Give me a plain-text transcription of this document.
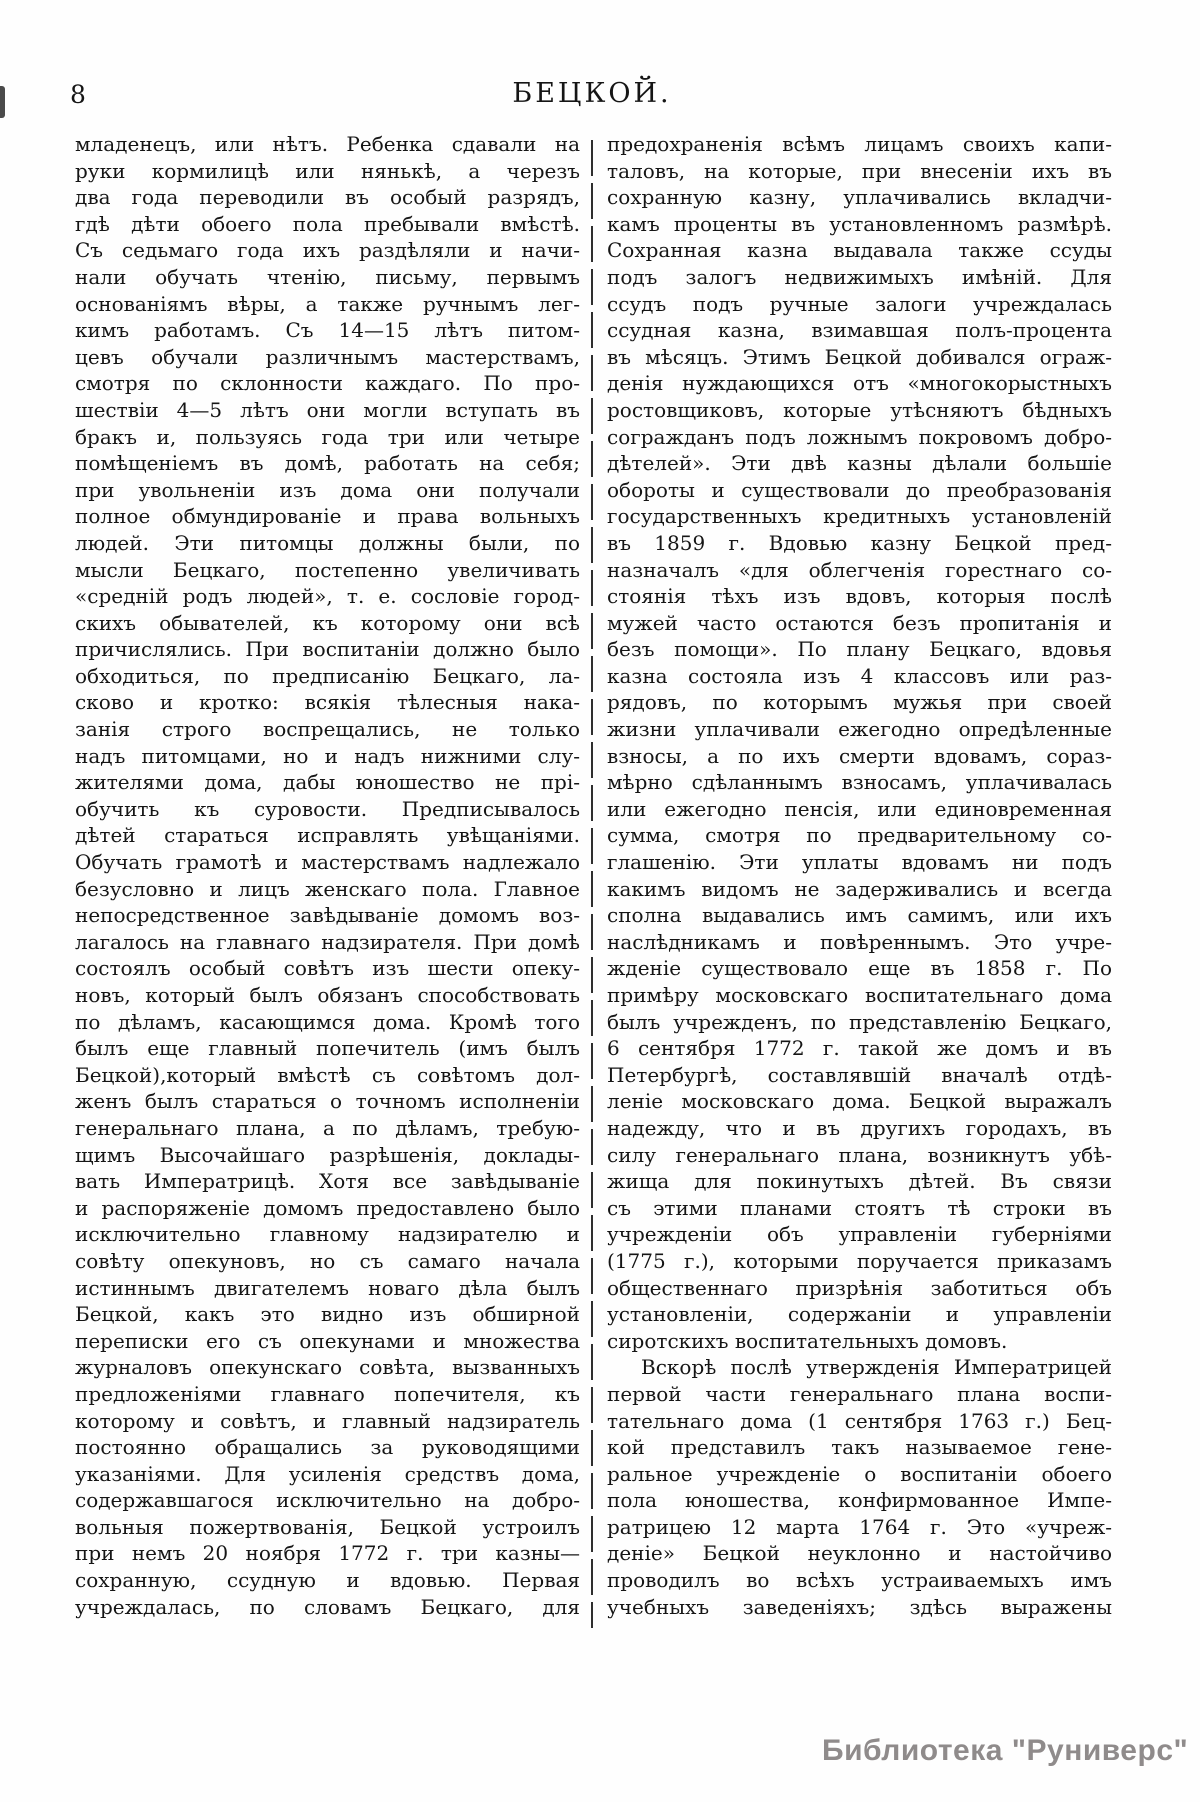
8	БЕЦКОЙ.
младенецъ, или нѣтъ. Ребенка сдавали на
руки кормилицѣ или нянькѣ, а черезъ
два года переводили въ особый разрядъ,
гдѣ дѣти обоего пола пребывали вмѣстѣ.
Съ седьмаго года ихъ раздѣляли и начи-
нали обучать чтенію, письму, первымъ
основаніямъ вѣры, а также ручнымъ лег-
кимъ работамъ. Съ 14—15 лѣтъ питом-
цевъ обучали различнымъ мастерствамъ,
смотря по склонности каждаго. По про-
шествіи 4—5 лѣтъ они могли вступать въ
бракъ и, пользуясь года три или четыре
помѣщеніемъ въ домѣ, работать на себя;
при увольненіи изъ дома они получали
полное обмундированіе и права вольныхъ
людей. Эти питомцы должны были, по
мысли Бецкаго, постепенно увеличивать
«средній родъ людей», т. е. сословіе город-
скихъ обывателей, къ которому они всѣ
причислялись. При воспитаніи должно было
обходиться, по предписанію Бецкаго, ла-
сково и кротко: всякія тѣлесныя нака-
занія строго воспрещались, не только
надъ питомцами, но и надъ нижними слу-
жителями дома, дабы юношество не прі-
обучить къ суровости. Предписывалось
дѣтей стараться исправлять увѣщаніями.
Обучать грамотѣ и мастерствамъ надлежало
безусловно и лицъ женскаго пола. Главное
непосредственное завѣдываніе домомъ воз-
лагалось на главнаго надзирателя. При домѣ
состоялъ особый совѣтъ изъ шести опеку-
новъ, который былъ обязанъ способствовать
по дѣламъ, касающимся дома. Кромѣ того
былъ еще главный попечитель (имъ былъ
Бецкой),который вмѣстѣ съ совѣтомъ дол-
женъ былъ стараться о точномъ исполненіи
генеральнаго плана, а по дѣламъ, требую-
щимъ Высочайшаго разрѣшенія, доклады-
вать Императрицѣ. Хотя все завѣдываніе
и распоряженіе домомъ предоставлено было
исключительно главному надзирателю и
совѣту опекуновъ, но съ самаго начала
истиннымъ двигателемъ новаго дѣла былъ
Бецкой, какъ это видно изъ обширной
переписки его съ опекунами и множества
журналовъ опекунскаго совѣта, вызванныхъ
предложеніями главнаго попечителя, къ
которому и совѣтъ, и главный надзиратель
постоянно обращались за руководящими
указаніями. Для усиленія средствъ дома,
содержавшагося исключительно на добро-
вольныя пожертвованія, Бецкой устроилъ
при немъ 20 ноября 1772 г. три казны—
сохранную, ссудную и вдовью. Первая
учреждалась, по словамъ Бецкаго, для
предохраненія всѣмъ лицамъ своихъ капи-
таловъ, на которые, при внесеніи ихъ въ
сохранную казну, уплачивались вкладчи-
камъ проценты въ установленномъ размѣрѣ.
Сохранная казна выдавала также ссуды
подъ залогъ недвижимыхъ имѣній. Для
ссудъ подъ ручные залоги учреждалась
ссудная казна, взимавшая полъ-процента
въ мѣсяцъ. Этимъ Бецкой добивался ограж-
денія нуждающихся отъ «многокорыстныхъ
ростовщиковъ, которые утѣсняютъ бѣдныхъ
согражданъ подъ ложнымъ покровомъ добро-
дѣтелей». Эти двѣ казны дѣлали большіе
обороты и существовали до преобразованія
государственныхъ кредитныхъ установленій
въ 1859 г. Вдовью казну Бецкой пред-
назначалъ «для облегченія горестнаго со-
стоянія тѣхъ изъ вдовъ, которыя послѣ
мужей часто остаются безъ пропитанія и
безъ помощи». По плану Бецкаго, вдовья
казна состояла изъ 4 классовъ или раз-
рядовъ, по которымъ мужья при своей
жизни уплачивали ежегодно опредѣленные
взносы, а по ихъ смерти вдовамъ, сораз-
мѣрно сдѣланнымъ взносамъ, уплачивалась
или ежегодно пенсія, или единовременная
сумма, смотря по предварительному со-
глашенію. Эти уплаты вдовамъ ни подъ
какимъ видомъ не задерживались и всегда
сполна выдавались имъ самимъ, или ихъ
наслѣдникамъ и повѣреннымъ. Это учре-
жденіе существовало еще въ 1858 г. По
примѣру московскаго воспитательнаго дома
былъ учрежденъ, по представленію Бецкаго,
6 сентября 1772 г. такой же домъ и въ
Петербургѣ, составлявшій вначалѣ отдѣ-
леніе московскаго дома. Бецкой выражалъ
надежду, что и въ другихъ городахъ, въ
силу генеральнаго плана, возникнутъ убѣ-
жища для покинутыхъ дѣтей. Въ связи
съ этими планами стоятъ тѣ строки въ
учрежденіи объ управленіи губерніями
(1775 г.), которыми поручается приказамъ
общественнаго призрѣнія заботиться объ
установленіи, содержаніи и управленіи
сиротскихъ воспитательныхъ домовъ.
Вскорѣ послѣ утвержденія Императрицей
первой части генеральнаго плана воспи-
тательнаго дома (1 сентября 1763 г.) Бец-
кой представилъ такъ называемое гене-
ральное учрежденіе о воспитаніи обоего
пола юношества, конфирмованное Импе-
ратрицею 12 марта 1764 г. Это «учреж-
деніе» Бецкой неуклонно и настойчиво
проводилъ во всѣхъ устраиваемыхъ имъ
учебныхъ заведеніяхъ; здѣсь выражены
Библиотека "Руниверс"
